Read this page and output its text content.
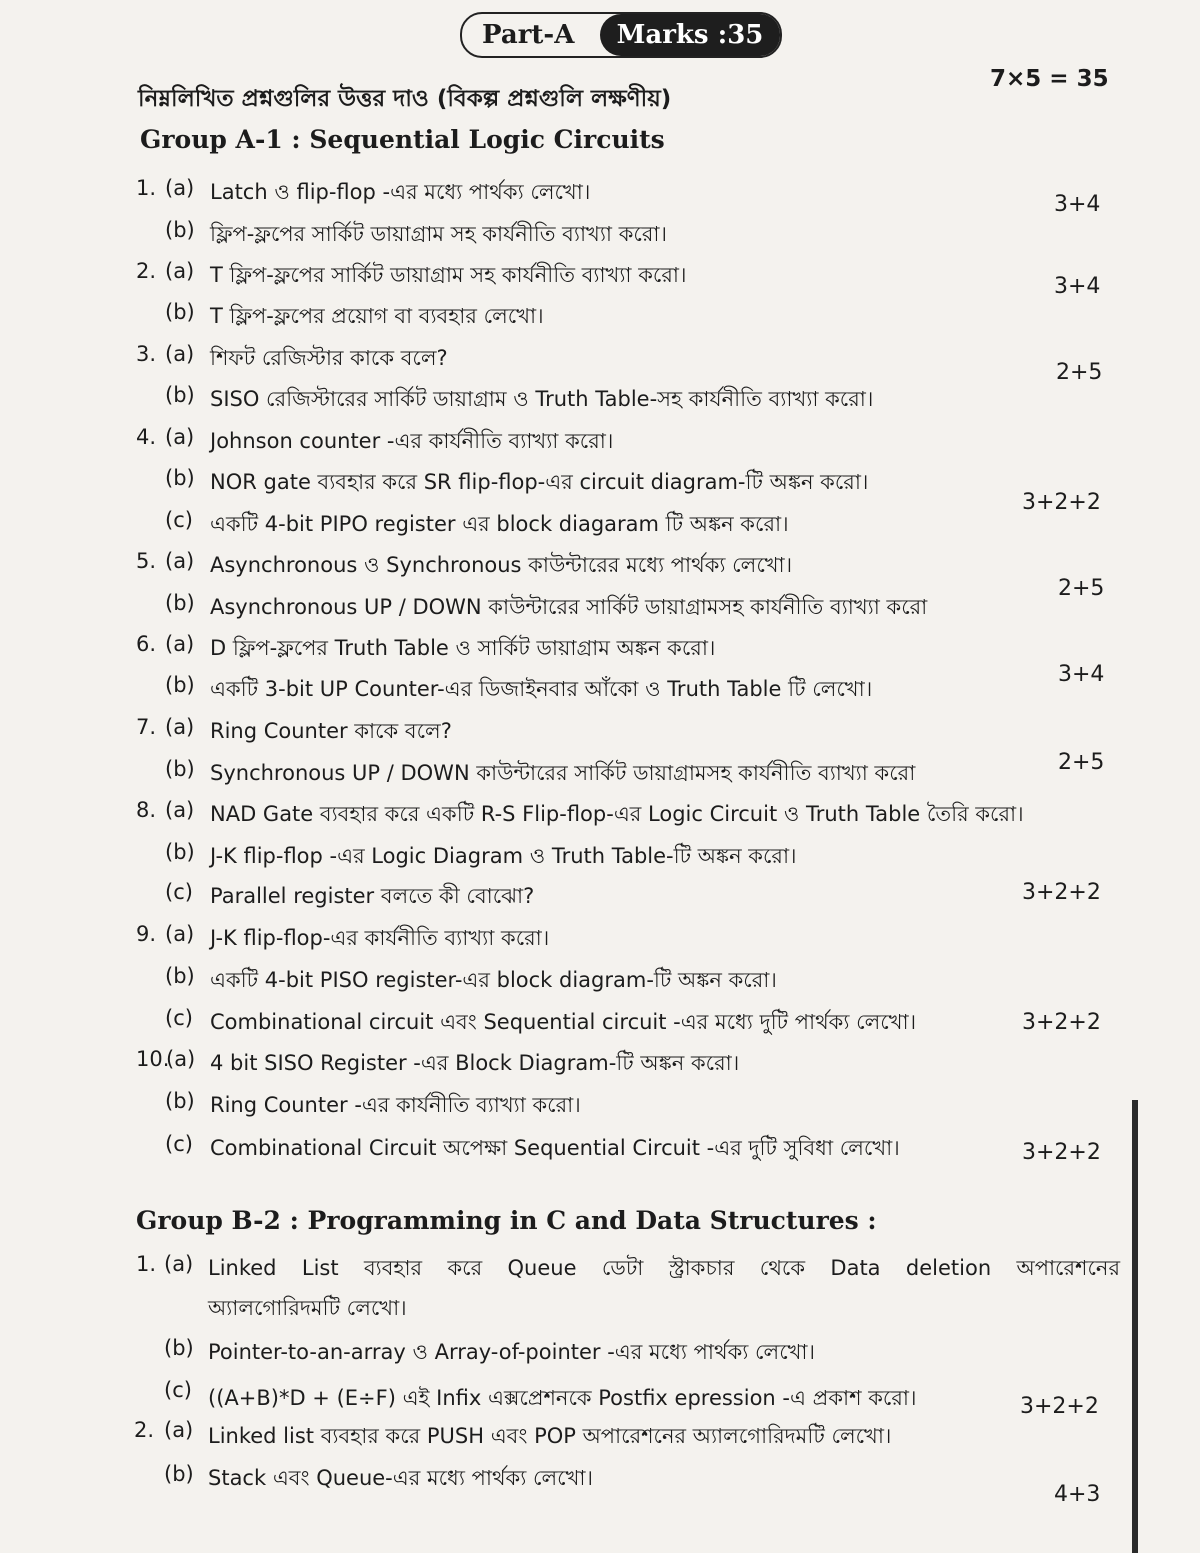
Part-A	Marks :35
নিম্নলিখিত প্রশ্নগুলির উত্তর দাও (বিকল্প প্রশ্নগুলি লক্ষণীয়)
7×5 = 35
Group A-1 : Sequential Logic Circuits
1. (a) Latch ও flip-flop -এর মধ্যে পার্থক্য লেখো।
(b) ফ্লিপ-ফ্লপের সার্কিট ডায়াগ্রাম সহ কার্যনীতি ব্যাখ্যা করো।
3+4
2. (a) T ফ্লিপ-ফ্লপের সার্কিট ডায়াগ্রাম সহ কার্যনীতি ব্যাখ্যা করো।
(b) T ফ্লিপ-ফ্লপের প্রয়োগ বা ব্যবহার লেখো।
3+4
3. (a) শিফট রেজিস্টার কাকে বলে?
(b) SISO রেজিস্টারের সার্কিট ডায়াগ্রাম ও Truth Table-সহ কার্যনীতি ব্যাখ্যা করো।
2+5
4. (a) Johnson counter -এর কার্যনীতি ব্যাখ্যা করো।
(b) NOR gate ব্যবহার করে SR flip-flop-এর circuit diagram-টি অঙ্কন করো।
(c) একটি 4-bit PIPO register এর block diagaram টি অঙ্কন করো।
3+2+2
5. (a) Asynchronous ও Synchronous কাউন্টারের মধ্যে পার্থক্য লেখো।
(b) Asynchronous UP / DOWN কাউন্টারের সার্কিট ডায়াগ্রামসহ কার্যনীতি ব্যাখ্যা করো
2+5
6. (a) D ফ্লিপ-ফ্লপের Truth Table ও সার্কিট ডায়াগ্রাম অঙ্কন করো।
(b) একটি 3-bit UP Counter-এর ডিজাইনবার আঁকো ও Truth Table টি লেখো।
3+4
7. (a) Ring Counter কাকে বলে?
(b) Synchronous UP / DOWN কাউন্টারের সার্কিট ডায়াগ্রামসহ কার্যনীতি ব্যাখ্যা করো	2+5
8. (a) NAD Gate ব্যবহার করে একটি R-S Flip-flop-এর Logic Circuit ও Truth Table তৈরি করো।
(b) J-K flip-flop -এর Logic Diagram ও Truth Table-টি অঙ্কন করো।
(c) Parallel register বলতে কী বোঝো?	3+2+2
9. (a) J-K flip-flop-এর কার্যনীতি ব্যাখ্যা করো।
(b) একটি 4-bit PISO register-এর block diagram-টি অঙ্কন করো।
(c) Combinational circuit এবং Sequential circuit -এর মধ্যে দুটি পার্থক্য লেখো।	3+2+2
10.
(a) 4 bit SISO Register -এর Block Diagram-টি অঙ্কন করো।
(b) Ring Counter -এর কার্যনীতি ব্যাখ্যা করো।
(c) Combinational Circuit অপেক্ষা Sequential Circuit -এর দুটি সুবিধা লেখো।	3+2+2
Group B-2 : Programming in C and Data Structures :
1. (a) Linked List ব্যবহার করে Queue ডেটা স্ট্রাকচার থেকে Data deletion অপারেশনের
অ্যালগোরিদমটি লেখো।
(b) Pointer-to-an-array ও Array-of-pointer -এর মধ্যে পার্থক্য লেখো।
(c) ((A+B)*D + (E÷F) এই Infix এক্সপ্রেশনকে Postfix epression -এ প্রকাশ করো।	3+2+2
2. (a) Linked list ব্যবহার করে PUSH এবং POP অপারেশনের অ্যালগোরিদমটি লেখো।
(b) Stack এবং Queue-এর মধ্যে পার্থক্য লেখো।
4+3
